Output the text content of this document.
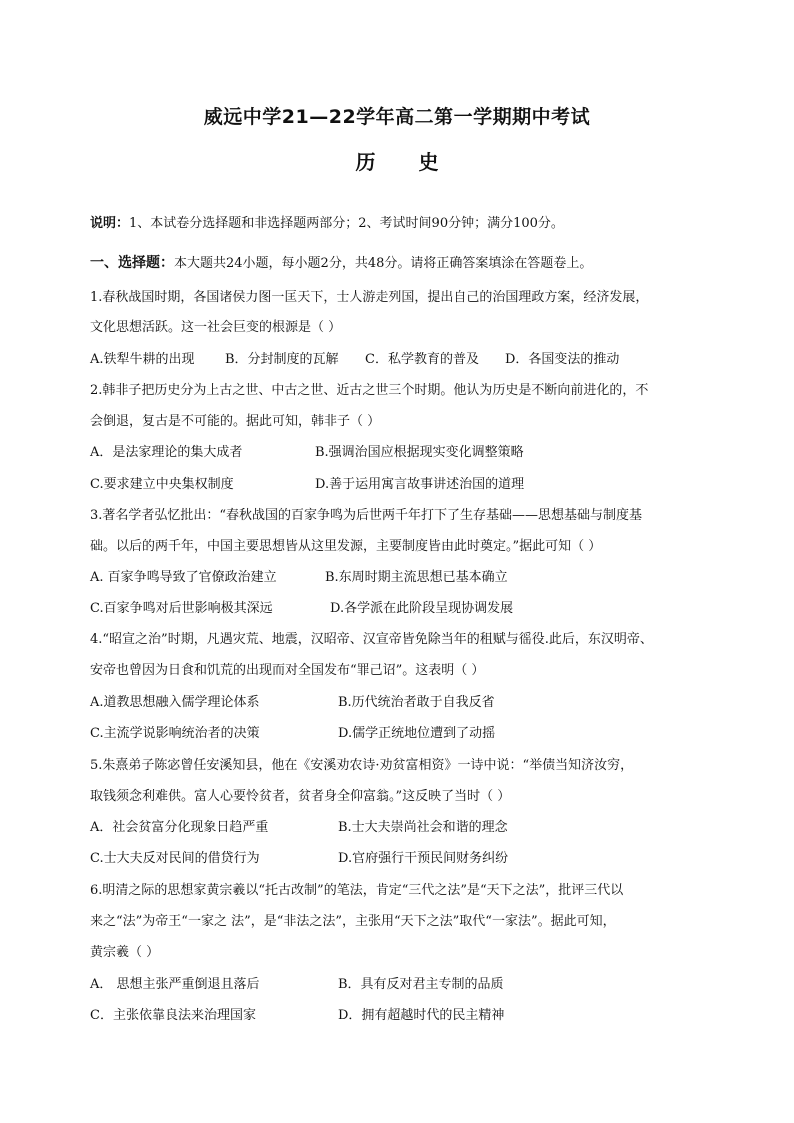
威远中学21—22学年高二第一学期期中考试
历 史
说明：1、本试卷分选择题和非选择题两部分；2、考试时间90分钟；满分100分。
一、选择题：本大题共24小题，每小题2分，共48分。请将正确答案填涂在答题卷上。
1.春秋战国时期，各国诸侯力图一匡天下，士人游走列国，提出自己的治国理政方案，经济发展，
文化思想活跃。这一社会巨变的根源是（ ）
A.铁犁牛耕的出现 B．分封制度的瓦解 C．私学教育的普及 D．各国变法的推动
2.韩非子把历史分为上古之世、中古之世、近古之世三个时期。他认为历史是不断向前进化的，不
会倒退，复古是不可能的。据此可知，韩非子（ ）
A．是法家理论的集大成者	B.强调治国应根据现实变化调整策略
C.要求建立中央集权制度	D.善于运用寓言故事讲述治国的道理
3.著名学者弘忆批出：“春秋战国的百家争鸣为后世两千年打下了生存基础——思想基础与制度基
础。以后的两千年，中国主要思想皆从这里发源，主要制度皆由此时奠定。”据此可知（ ）
A. 百家争鸣导致了官僚政治建立	B.东周时期主流思想已基本确立
C.百家争鸣对后世影响极其深远	D.各学派在此阶段呈现协调发展
4.“昭宣之治”时期，凡遇灾荒、地震，汉昭帝、汉宣帝皆免除当年的租赋与徭役.此后，东汉明帝、
安帝也曾因为日食和饥荒的出现而对全国发布“罪己诏”。这表明（ ）
A.道教思想融入儒学理论体系	B.历代统治者敢于自我反省
C.主流学说影响统治者的决策	D.儒学正统地位遭到了动摇
5.朱熹弟子陈宓曾任安溪知县，他在《安溪劝农诗·劝贫富相资》一诗中说：“举债当知济汝穷，
取钱须念利难供。富人心要怜贫者，贫者身全仰富翁。”这反映了当时（ ）
A．社会贫富分化现象日趋严重	B.士大夫崇尚社会和谐的理念
C.士大夫反对民间的借贷行为	D.官府强行干预民间财务纠纷
6.明清之际的思想家黄宗羲以“托古改制”的笔法，肯定“三代之法”是“天下之法”，批评三代以
来之“法”为帝王“一家之 法”，是“非法之法”，主张用“天下之法”取代“一家法”。据此可知，
黄宗羲（ ）
A． 思想主张严重倒退且落后	B．具有反对君主专制的品质
C．主张依靠良法来治理国家	D．拥有超越时代的民主精神
